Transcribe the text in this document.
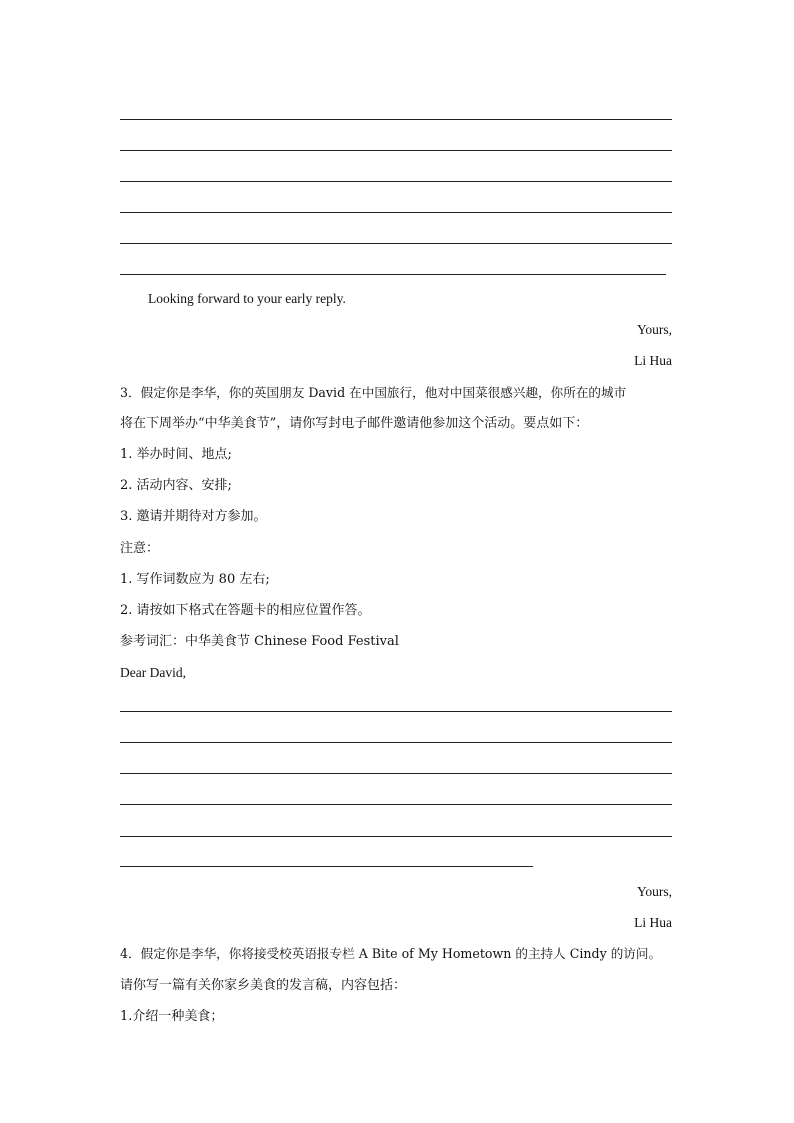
Looking forward to your early reply.
Yours,
Li Hua
3．假定你是李华，你的英国朋友 David 在中国旅行，他对中国菜很感兴趣，你所在的城市
将在下周举办“中华美食节”，请你写封电子邮件邀请他参加这个活动。要点如下：
1. 举办时间、地点;
2. 活动内容、安排;
3. 邀请并期待对方参加。
注意：
1. 写作词数应为 80 左右;
2. 请按如下格式在答题卡的相应位置作答。
参考词汇：中华美食节 Chinese Food Festival
Dear David,
Yours,
Li Hua
4．假定你是李华，你将接受校英语报专栏 A Bite of My Hometown 的主持人 Cindy 的访问。
请你写一篇有关你家乡美食的发言稿，内容包括：
1.介绍一种美食；
